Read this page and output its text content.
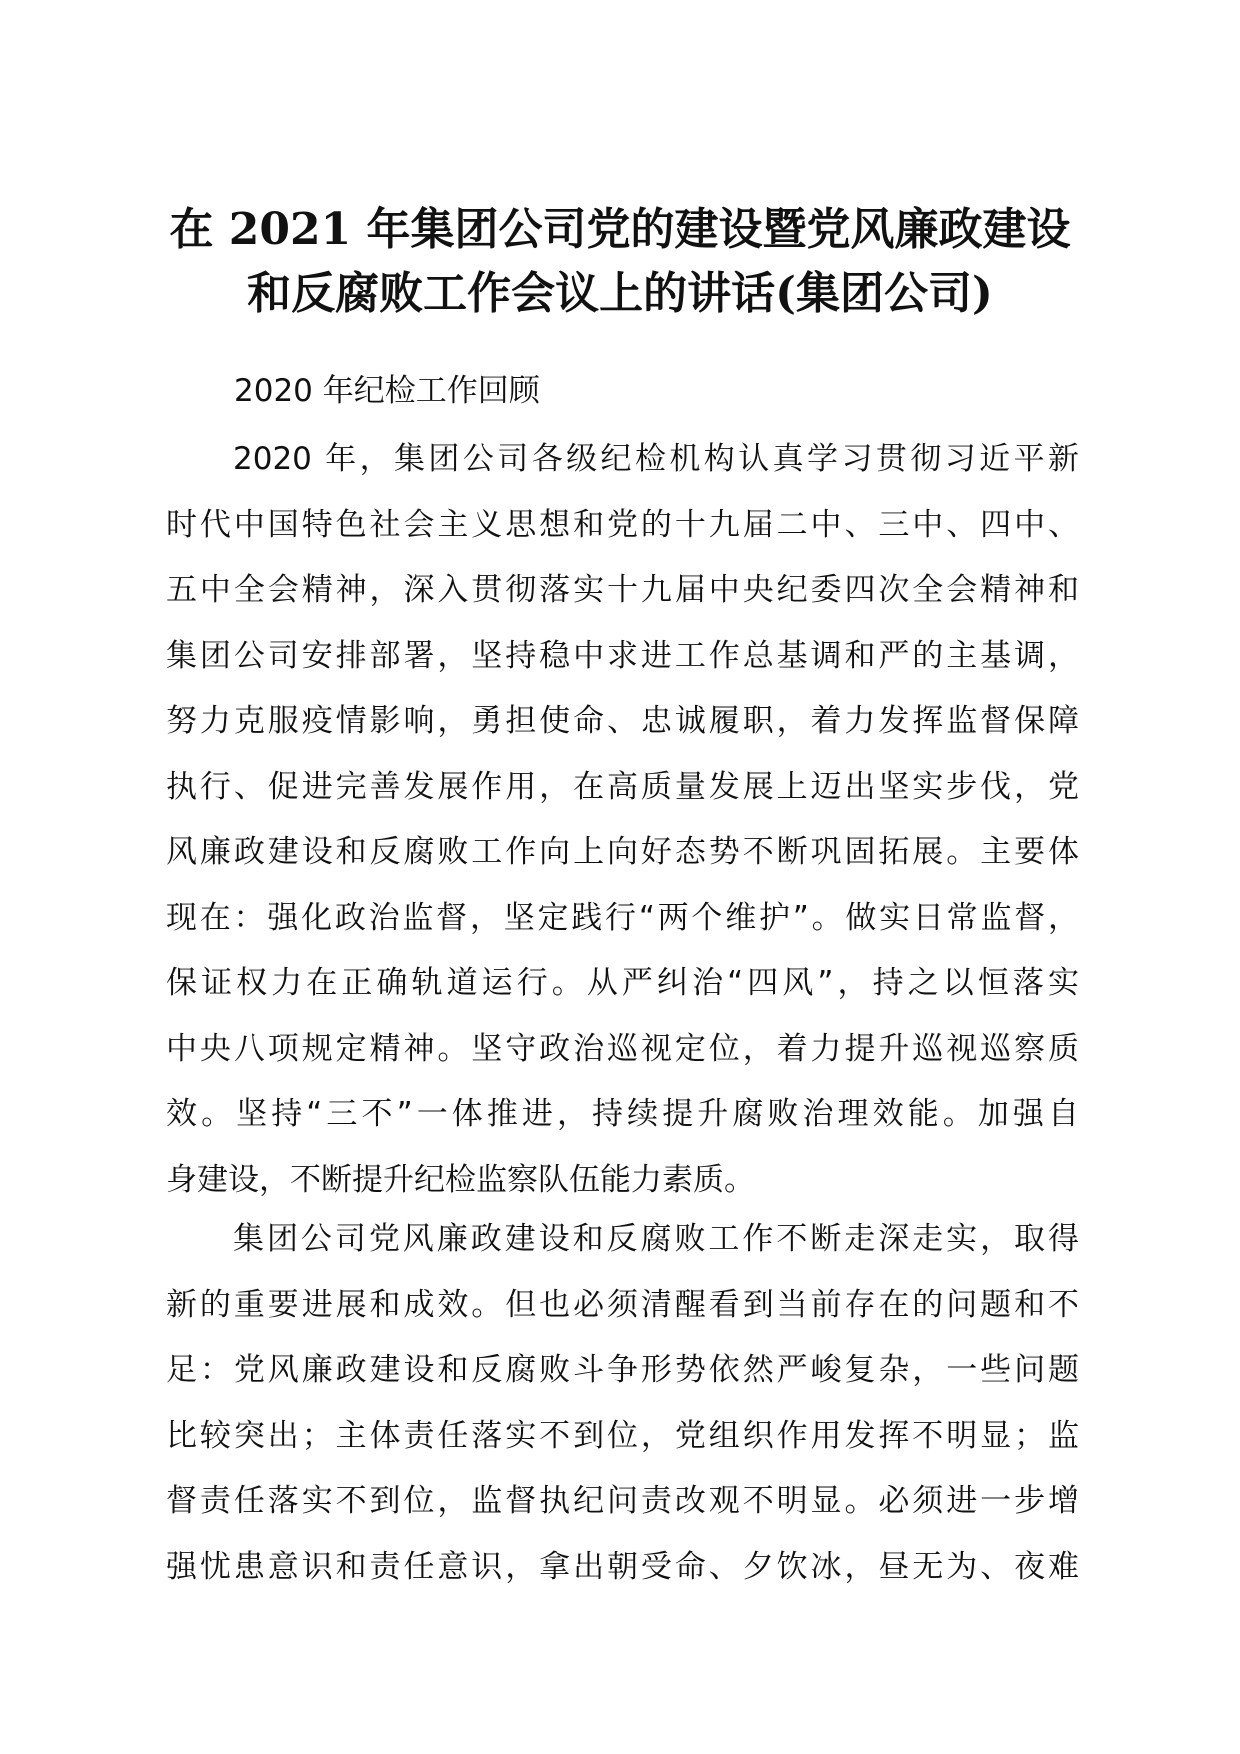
在 2021 年集团公司党的建设暨党风廉政建设
和反腐败工作会议上的讲话(集团公司)
2020 年纪检工作回顾
2020 年，集团公司各级纪检机构认真学习贯彻习近平新
时代中国特色社会主义思想和党的十九届二中、三中、四中、
五中全会精神，深入贯彻落实十九届中央纪委四次全会精神和
集团公司安排部署，坚持稳中求进工作总基调和严的主基调，
努力克服疫情影响，勇担使命、忠诚履职，着力发挥监督保障
执行、促进完善发展作用，在高质量发展上迈出坚实步伐，党
风廉政建设和反腐败工作向上向好态势不断巩固拓展。主要体
现在：强化政治监督，坚定践行“两个维护”。做实日常监督，
保证权力在正确轨道运行。从严纠治“四风”，持之以恒落实
中央八项规定精神。坚守政治巡视定位，着力提升巡视巡察质
效。坚持“三不”一体推进，持续提升腐败治理效能。加强自
身建设，不断提升纪检监察队伍能力素质。
集团公司党风廉政建设和反腐败工作不断走深走实，取得
新的重要进展和成效。但也必须清醒看到当前存在的问题和不
足：党风廉政建设和反腐败斗争形势依然严峻复杂，一些问题
比较突出；主体责任落实不到位，党组织作用发挥不明显；监
督责任落实不到位，监督执纪问责改观不明显。必须进一步增
强忧患意识和责任意识，拿出朝受命、夕饮冰，昼无为、夜难
